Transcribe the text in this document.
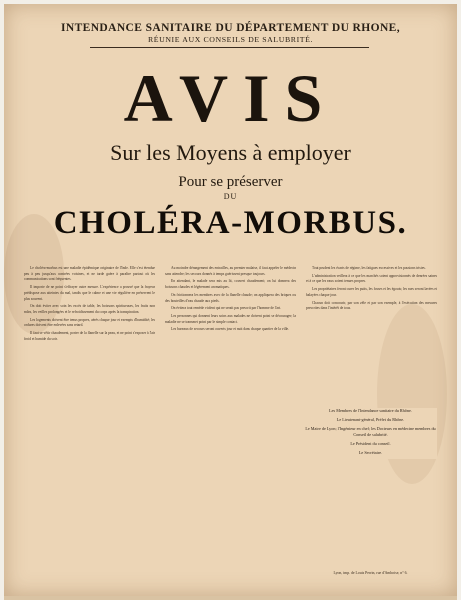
INTENDANCE SANITAIRE DU DÉPARTEMENT DU RHONE,
RÉUNIE AUX CONSEILS DE SALUBRITÉ.
AVIS
Sur les Moyens à employer
Pour se préserver
DU
CHOLÉRA-MORBUS.

Le choléra-morbus est une maladie épidémique originaire de l'Inde. Elle s'est étendue peu à peu jusqu'aux contrées voisines, et ne tarde guère à paraître partout où les communications sont fréquentes.

Il importe de ne point s'effrayer outre mesure. L'expérience a prouvé que la frayeur prédispose aux atteintes du mal, tandis que le calme et une vie régulière en préservent le plus souvent.

On doit éviter avec soin les excès de table, les boissons spiritueuses, les fruits non mûrs, les veilles prolongées et le refroidissement du corps après la transpiration.

Les logements doivent être tenus propres, aérés chaque jour et exempts d'humidité; les ordures doivent être enlevées sans retard.

Il faut se vêtir chaudement, porter de la flanelle sur la peau, et ne point s'exposer à l'air froid et humide du soir.

Au moindre dérangement des entrailles, au premier malaise, il faut appeler le médecin sans attendre; les secours donnés à temps guérissent presque toujours.

En attendant, le malade sera mis au lit, couvert chaudement; on lui donnera des boissons chaudes et légèrement aromatiques.

On frictionnera les membres avec de la flanelle chaude; on appliquera des briques ou des bouteilles d'eau chaude aux pieds.

On évitera tout remède violent qui ne serait pas prescrit par l'homme de l'art.

Les personnes qui donnent leurs soins aux malades ne doivent point se décourager; la maladie ne se transmet point par le simple contact.

Les bureaux de secours seront ouverts jour et nuit dans chaque quartier de la ville.

Tout prudent les écarts de régime, les fatigues excessives et les passions tristes.

L'administration veillera à ce que les marchés soient approvisionnés de denrées saines et à ce que les eaux soient tenues propres.

Les propriétaires feront curer les puits, les fosses et les égouts; les rues seront lavées et balayées chaque jour.

Chacun doit concourir, par son zèle et par son exemple, à l'exécution des mesures prescrites dans l'intérêt de tous.

Les Membres de l'Intendance sanitaire du Rhône.

Le Lieutenant-général, Préfet du Rhône.

Le Maire de Lyon; l'Ingénieur en chef; les Docteurs en médecine membres du Conseil de salubrité.

Le Président du conseil.

Le Secrétaire.

Lyon, imp. de Louis Perrin, rue d'Amboise, n° 6.
